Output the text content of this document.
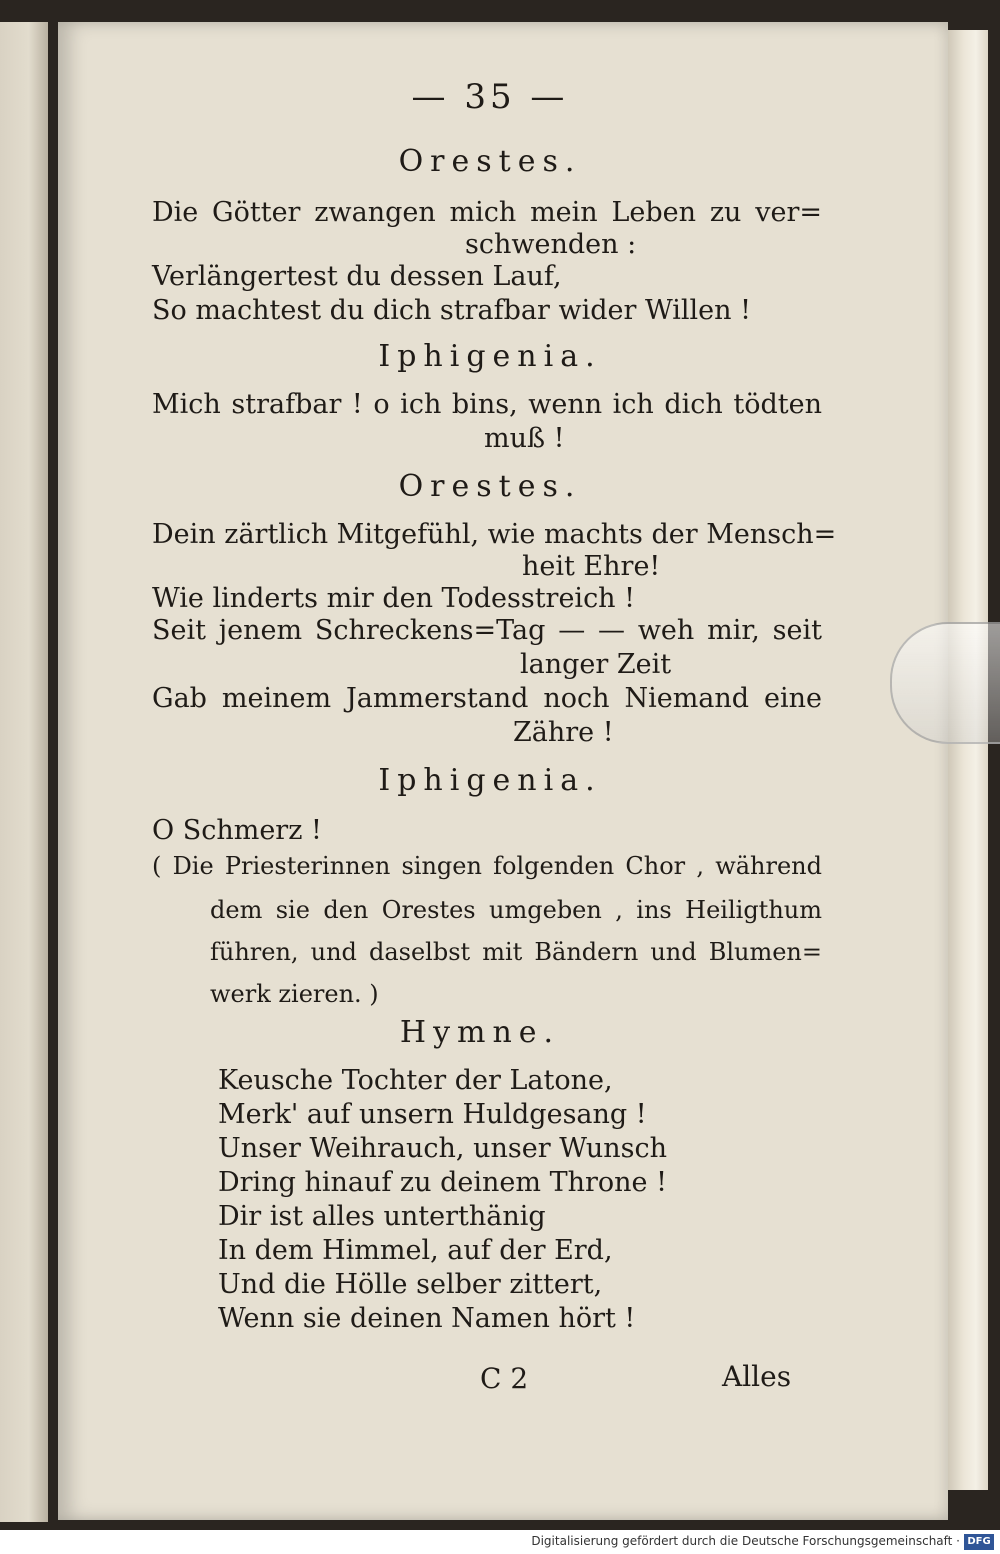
— 35 —

Orestes.

Die Götter zwangen mich mein Leben zu ver=

schwenden :

Verlängertest du dessen Lauf,

So machtest du dich strafbar wider Willen !

Iphigenia.

Mich strafbar ! o ich bins, wenn ich dich tödten

muß !

Orestes.

Dein zärtlich Mitgefühl, wie machts der Mensch=

heit Ehre!

Wie linderts mir den Todesstreich !

Seit jenem Schreckens=Tag — — weh mir, seit

langer Zeit

Gab meinem Jammerstand noch Niemand eine

Zähre !

Iphigenia.

O Schmerz !

( Die Priesterinnen singen folgenden Chor , während

dem sie den Orestes umgeben , ins Heiligthum

führen, und daselbst mit Bändern und Blumen=

werk zieren. )

Hymne.

Keusche Tochter der Latone,

Merk' auf unsern Huldgesang !

Unser Weihrauch, unser Wunsch

Dring hinauf zu deinem Throne !

Dir ist alles unterthänig

In dem Himmel, auf der Erd,

Und die Hölle selber zittert,

Wenn sie deinen Namen hört !

C 2	Alles

Digitalisierung gefördert durch die Deutsche Forschungsgemeinschaft · DFG
